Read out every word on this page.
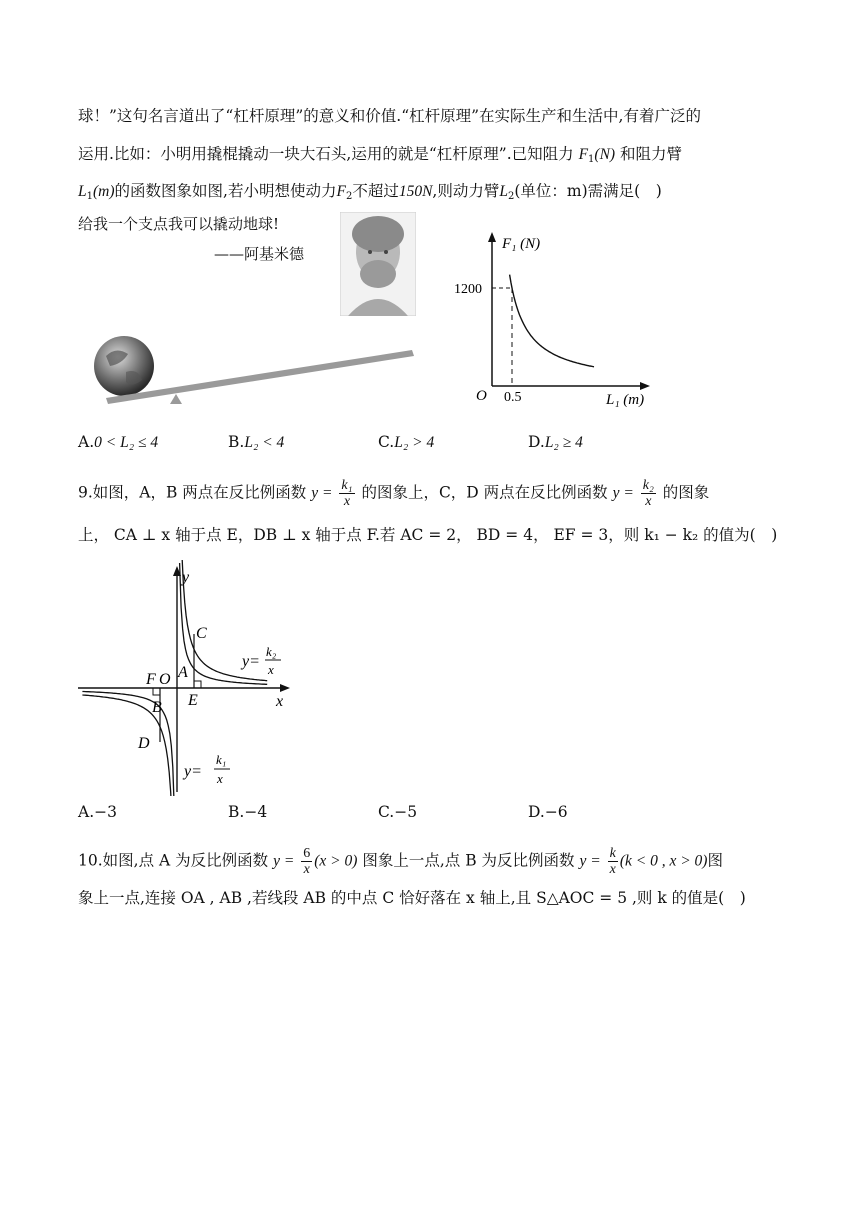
球！”这句名言道出了“杠杆原理”的意义和价值.“杠杆原理”在实际生产和生活中,有着广泛的
运用.比如：小明用撬棍撬动一块大石头,运用的就是“杠杆原理”.已知阻力 $F_1(N)$ 和阻力臂
$L_1(m)$的函数图象如图,若小明想使动力$F_2$不超过150N,则动力臂$L_2$(单位：m)需满足(　)
给我一个支点我可以撬动地球!
——阿基米德
F₁ (N)
1200
O 0.5	L₁ (m)
A.0 < L₂ ≤ 4	B.L₂ < 4	C.L₂ > 4	D.L₂ ≥ 4
9.如图，A，B 两点在反比例函数 $y = \frac{\text{k₁}}{x}$ 的图象上，C，D 两点在反比例函数 $y = \frac{\text{k₂}}{x}$ 的图象
上， CA ⊥ x 轴于点 E，DB ⊥ x 轴于点 F.若 AC = 2， BD = 4， EF = 3，则 k₁ − k₂ 的值为(　)
y
x
C
A
F O
E
B
D
y=
k₂
x
y=
k₁
x
A.−3	B.−4	C.−5	D.−6
10.如图,点 A 为反比例函数 $y = \frac{6}{x} (x > 0)$ 图象上一点,点 B 为反比例函数 $y = \frac{k}{x} (k < 0$ , x > 0)图
象上一点,连接 OA , AB ,若线段 AB 的中点 C 恰好落在 x 轴上,且 S△AOC = 5 ,则 k 的值是(　)
